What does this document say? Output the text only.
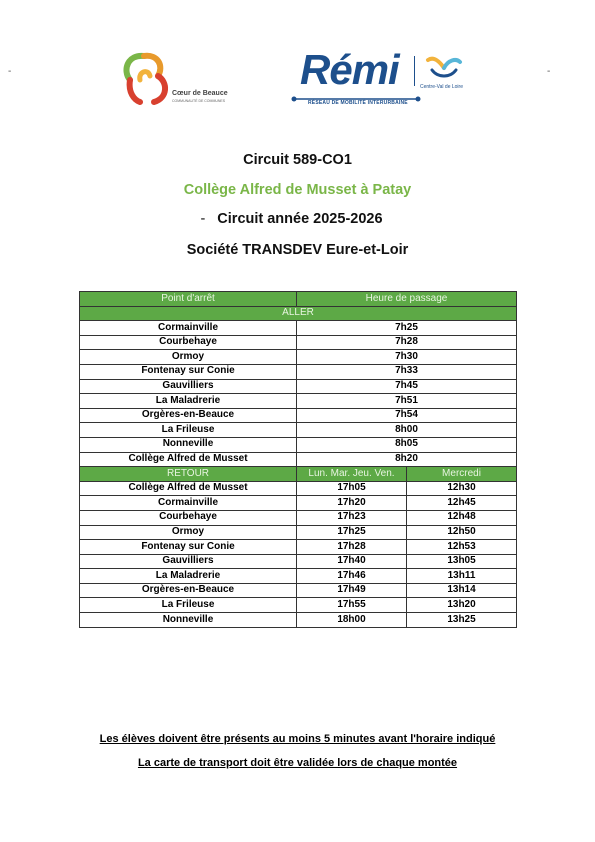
-	-
Cœur de Beauce
COMMUNAUTÉ DE COMMUNES
Rémi	Centre-Val de Loire
RÉSEAU DE MOBILITÉ INTERURBAINE
Circuit 589-CO1
Collège Alfred de Musset à Patay
- Circuit année 2025-2026
Société TRANSDEV Eure-et-Loir
Point d'arrêt	Heure de passage	
ALLER		
Cormainville	7h25	
Courbehaye	7h28	
Ormoy	7h30	
Fontenay sur Conie	7h33	
Gauvilliers	7h45	
La Maladrerie	7h51	
Orgères-en-Beauce	7h54	
La Frileuse	8h00	
Nonneville	8h05	
Collège Alfred de Musset	8h20	
RETOUR	Lun. Mar. Jeu. Ven.	Mercredi
Collège Alfred de Musset	17h05	12h30
Cormainville	17h20	12h45
Courbehaye	17h23	12h48
Ormoy	17h25	12h50
Fontenay sur Conie	17h28	12h53
Gauvilliers	17h40	13h05
La Maladrerie	17h46	13h11
Orgères-en-Beauce	17h49	13h14
La Frileuse	17h55	13h20
Nonneville	18h00	13h25
Les élèves doivent être présents au moins 5 minutes avant l'horaire indiqué
La carte de transport doit être validée lors de chaque montée
